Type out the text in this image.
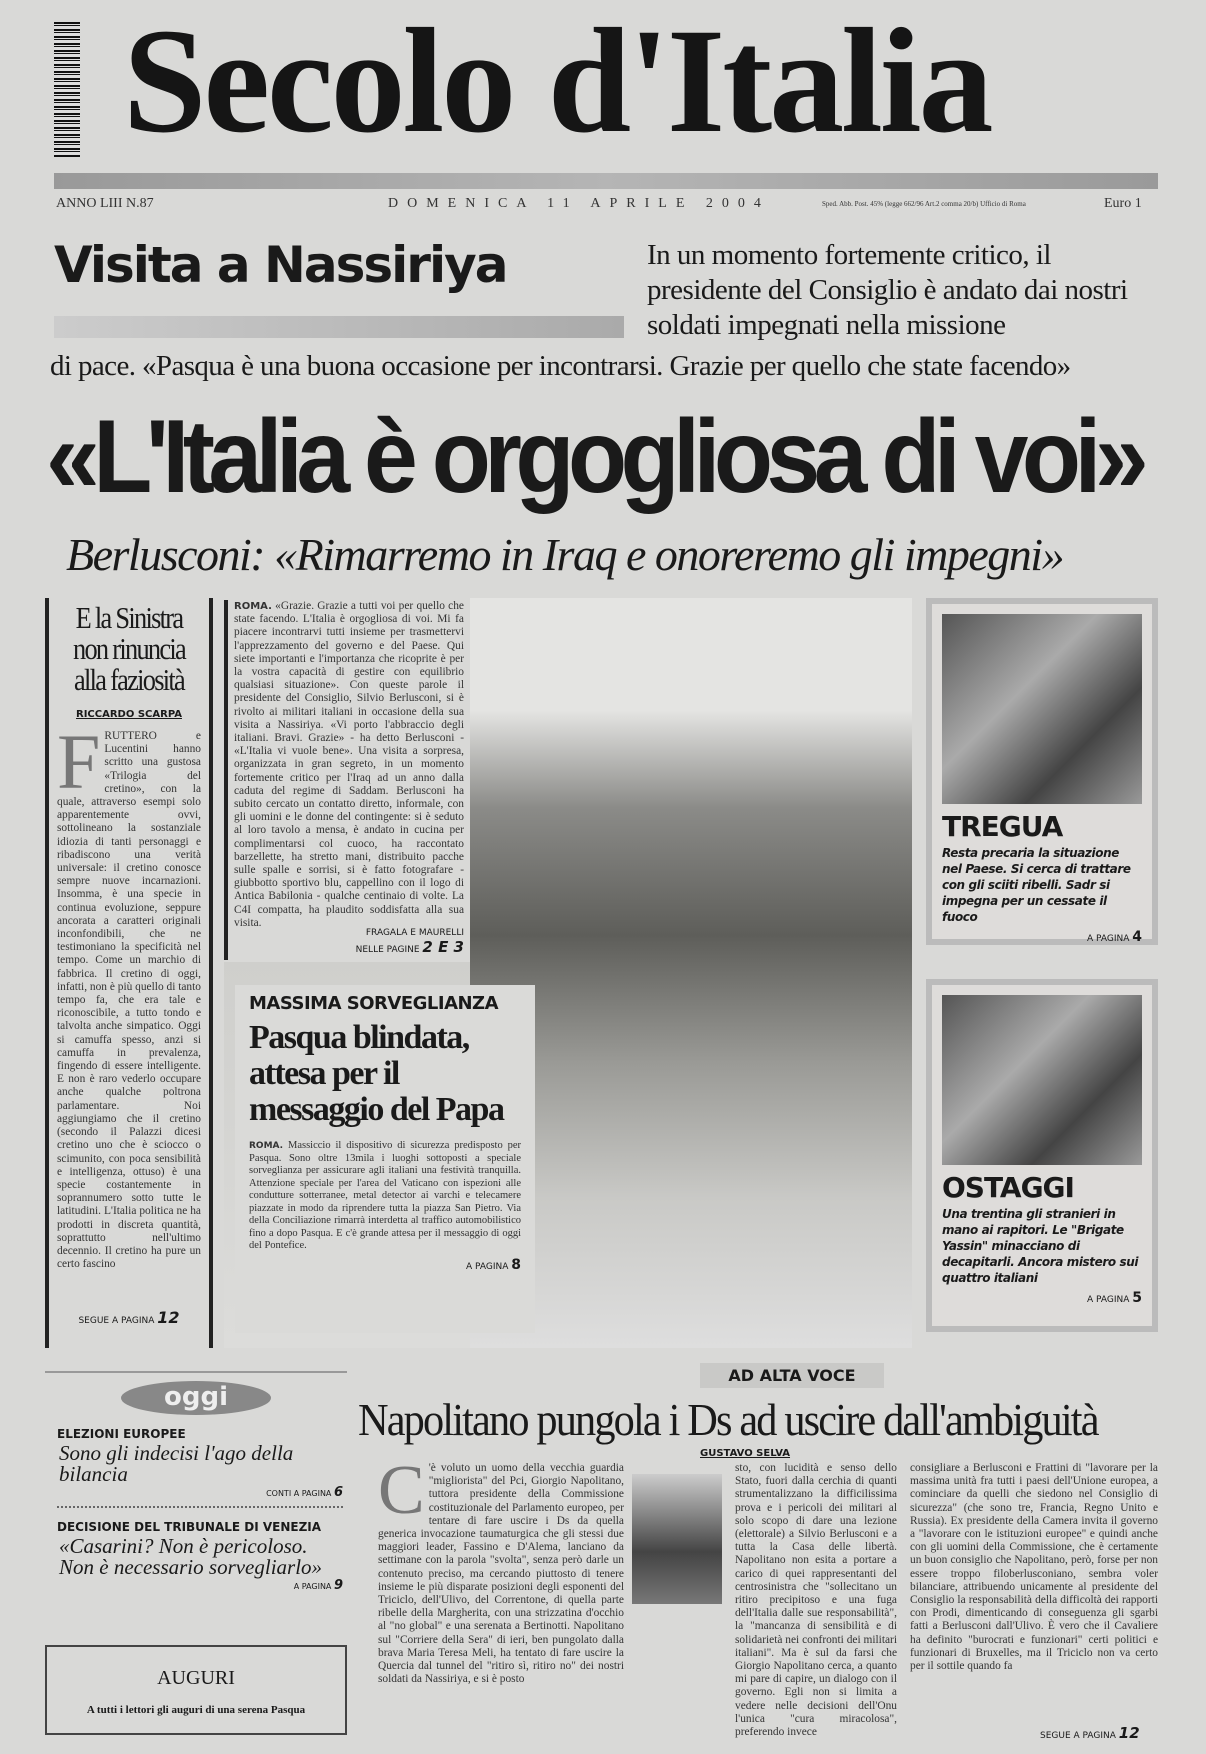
Secolo d'Italia
ANNO LIII N.87	DOMENICA 11 APRILE 2004	Sped. Abb. Post. 45% (legge 662/96 Art.2 comma 20/b) Ufficio di Roma	Euro 1
Visita a Nassiriya	In un momento fortemente critico, il presidente del Consiglio è andato dai nostri soldati impegnati nella missione
di pace. «Pasqua è una buona occasione per incontrarsi. Grazie per quello che state facendo»
«L'Italia è orgogliosa di voi»
Berlusconi: «Rimarremo in Iraq e onoreremo gli impegni»
E la Sinistra non rinuncia alla faziosità
RICCARDO SCARPA
FRUTTERO e Lucentini hanno scritto una gustosa «Trilogia del cretino», con la quale, attraverso esempi solo apparentemente ovvi, sottolineano la sostanziale idiozia di tanti personaggi e ribadiscono una verità universale: il cretino conosce sempre nuove incarnazioni. Insomma, è una specie in continua evoluzione, seppure ancorata a caratteri originali inconfondibili, che ne testimoniano la specificità nel tempo. Come un marchio di fabbrica. Il cretino di oggi, infatti, non è più quello di tanto tempo fa, che era tale e riconoscibile, a tutto tondo e talvolta anche simpatico. Oggi si camuffa spesso, anzi si camuffa in prevalenza, fingendo di essere intelligente. E non è raro vederlo occupare anche qualche poltrona parlamentare. Noi aggiungiamo che il cretino (secondo il Palazzi dicesi cretino uno che è sciocco o scimunito, con poca sensibilità e intelligenza, ottuso) è una specie costantemente in soprannumero sotto tutte le latitudini. L'Italia politica ne ha prodotti in discreta quantità, soprattutto nell'ultimo decennio. Il cretino ha pure un certo fascino
SEGUE A PAGINA 12
ROMA. «Grazie. Grazie a tutti voi per quello che state facendo. L'Italia è orgogliosa di voi. Mi fa piacere incontrarvi tutti insieme per trasmettervi l'apprezzamento del governo e del Paese. Qui siete importanti e l'importanza che ricoprite è per la vostra capacità di gestire con equilibrio qualsiasi situazione». Con queste parole il presidente del Consiglio, Silvio Berlusconi, si è rivolto ai militari italiani in occasione della sua visita a Nassiriya. «Vi porto l'abbraccio degli italiani. Bravi. Grazie» - ha detto Berlusconi - «L'Italia vi vuole bene». Una visita a sorpresa, organizzata in gran segreto, in un momento fortemente critico per l'Iraq ad un anno dalla caduta del regime di Saddam. Berlusconi ha subito cercato un contatto diretto, informale, con gli uomini e le donne del contingente: si è seduto al loro tavolo a mensa, è andato in cucina per complimentarsi col cuoco, ha raccontato barzellette, ha stretto mani, distribuito pacche sulle spalle e sorrisi, si è fatto fotografare - giubbotto sportivo blu, cappellino con il logo di Antica Babilonia - qualche centinaio di volte. La C4I compatta, ha plaudito soddisfatta alla sua visita.
FRAGALA E MAURELLI
NELLE PAGINE 2 E 3
MASSIMA SORVEGLIANZA
Pasqua blindata, attesa per il messaggio del Papa
ROMA. Massiccio il dispositivo di sicurezza predisposto per Pasqua. Sono oltre 13mila i luoghi sottoposti a speciale sorveglianza per assicurare agli italiani una festività tranquilla. Attenzione speciale per l'area del Vaticano con ispezioni alle condutture sotterranee, metal detector ai varchi e telecamere piazzate in modo da riprendere tutta la piazza San Pietro. Via della Conciliazione rimarrà interdetta al traffico automobilistico fino a dopo Pasqua. E c'è grande attesa per il messaggio di oggi del Pontefice.
A PAGINA 8
TREGUA

Resta precaria la situazione nel Paese. Si cerca di trattare con gli sciiti ribelli. Sadr si impegna per un cessate il fuoco

A PAGINA 4
OSTAGGI

Una trentina gli stranieri in mano ai rapitori. Le "Brigate Yassin" minacciano di decapitarli. Ancora mistero sui quattro italiani

A PAGINA 5
oggi
ELEZIONI EUROPEE
Sono gli indecisi l'ago della bilancia
CONTI A PAGINA 6
DECISIONE DEL TRIBUNALE DI VENEZIA
«Casarini? Non è pericoloso. Non è necessario sorvegliarlo»
A PAGINA 9
AUGURI

A tutti i lettori gli auguri di una serena Pasqua

AD ALTA VOCE
Napolitano pungola i Ds ad uscire dall'ambiguità
GUSTAVO SELVA
C 'è voluto un uomo della vecchia guardia "migliorista" del Pci, Giorgio Napolitano, tuttora presidente della Commissione costituzionale del Parlamento europeo, per tentare di fare uscire i Ds da quella generica invocazione taumaturgica che gli stessi due maggiori leader, Fassino e D'Alema, lanciano da settimane con la parola "svolta", senza però darle un contenuto preciso, ma cercando piuttosto di tenere insieme le più disparate posizioni degli esponenti del Triciclo, dell'Ulivo, del Correntone, di quella parte ribelle della Margherita, con una strizzatina d'occhio al "no global" e una serenata a Bertinotti. Napolitano sul "Corriere della Sera" di ieri, ben pungolato dalla brava Maria Teresa Meli, ha tentato di fare uscire la Quercia dal tunnel del "ritiro sì, ritiro no" dei nostri soldati da Nassiriya, e si è posto
sto, con lucidità e senso dello Stato, fuori dalla cerchia di quanti strumentalizzano la difficilissima prova e i pericoli dei militari al solo scopo di dare una lezione (elettorale) a Silvio Berlusconi e a tutta la Casa delle libertà. Napolitano non esita a portare a carico di quei rappresentanti del centrosinistra che "sollecitano un ritiro precipitoso e una fuga dell'Italia dalle sue responsabilità", la "mancanza di sensibilità e di solidarietà nei confronti dei militari italiani". Ma è sul da farsi che Giorgio Napolitano cerca, a quanto mi pare di capire, un dialogo con il governo. Egli non si limita a vedere nelle decisioni dell'Onu l'unica "cura miracolosa", preferendo invece
consigliare a Berlusconi e Frattini di "lavorare per la massima unità fra tutti i paesi dell'Unione europea, a cominciare da quelli che siedono nel Consiglio di sicurezza" (che sono tre, Francia, Regno Unito e Russia). Ex presidente della Camera invita il governo a "lavorare con le istituzioni europee" e quindi anche con gli uomini della Commissione, che è certamente un buon consiglio che Napolitano, però, forse per non essere troppo filoberlusconiano, sembra voler bilanciare, attribuendo unicamente al presidente del Consiglio la responsabilità della difficoltà dei rapporti con Prodi, dimenticando di conseguenza gli sgarbi fatti a Berlusconi dall'Ulivo. È vero che il Cavaliere ha definito "burocrati e funzionari" certi politici e funzionari di Bruxelles, ma il Triciclo non va certo per il sottile quando fa
SEGUE A PAGINA 12
